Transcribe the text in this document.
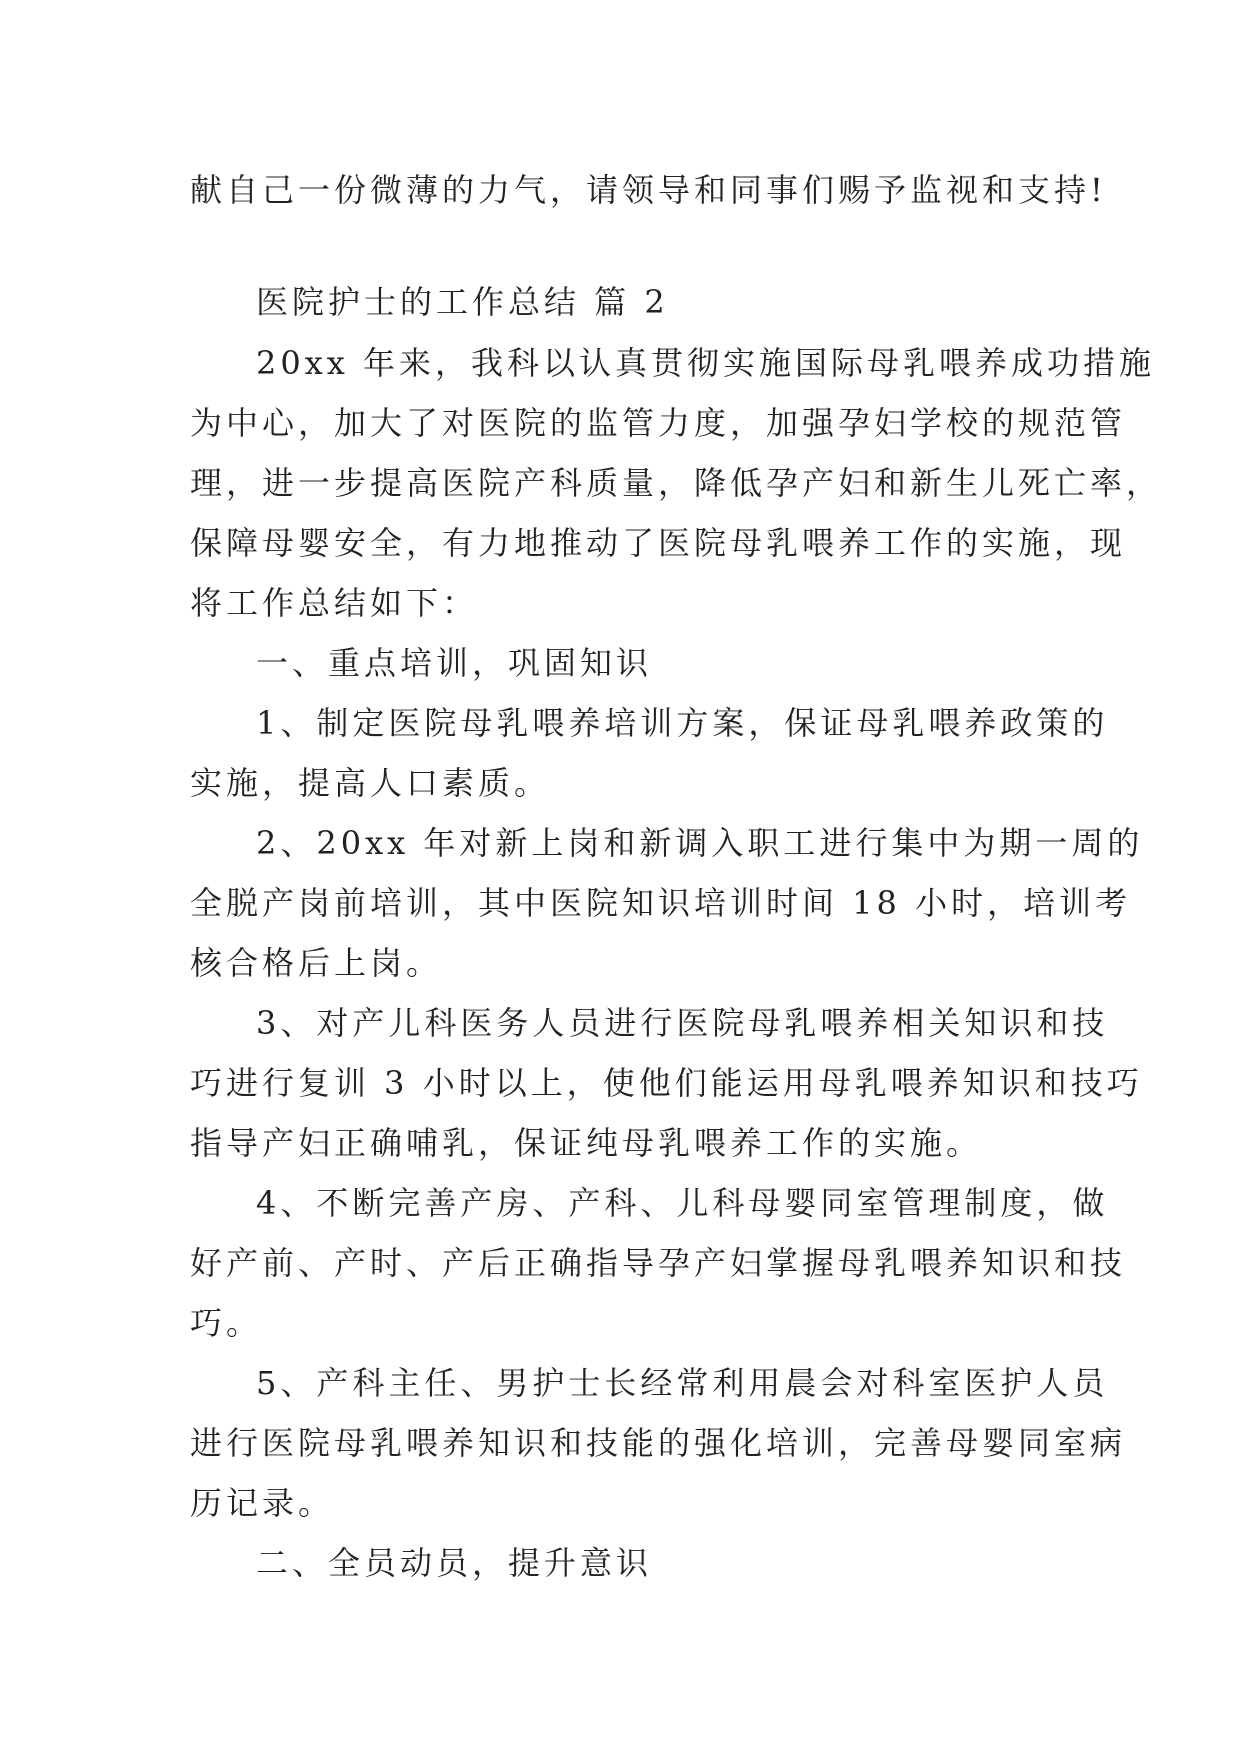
献自己一份微薄的力气，请领导和同事们赐予监视和支持!
医院护士的工作总结 篇 2
20xx 年来，我科以认真贯彻实施国际母乳喂养成功措施
为中心，加大了对医院的监管力度，加强孕妇学校的规范管
理，进一步提高医院产科质量，降低孕产妇和新生儿死亡率，
保障母婴安全，有力地推动了医院母乳喂养工作的实施，现
将工作总结如下：
一、重点培训，巩固知识
1、制定医院母乳喂养培训方案，保证母乳喂养政策的
实施，提高人口素质。
2、20xx 年对新上岗和新调入职工进行集中为期一周的
全脱产岗前培训，其中医院知识培训时间 18 小时，培训考
核合格后上岗。
3、对产儿科医务人员进行医院母乳喂养相关知识和技
巧进行复训 3 小时以上，使他们能运用母乳喂养知识和技巧
指导产妇正确哺乳，保证纯母乳喂养工作的实施。
4、不断完善产房、产科、儿科母婴同室管理制度，做
好产前、产时、产后正确指导孕产妇掌握母乳喂养知识和技
巧。
5、产科主任、男护士长经常利用晨会对科室医护人员
进行医院母乳喂养知识和技能的强化培训，完善母婴同室病
历记录。
二、全员动员，提升意识
